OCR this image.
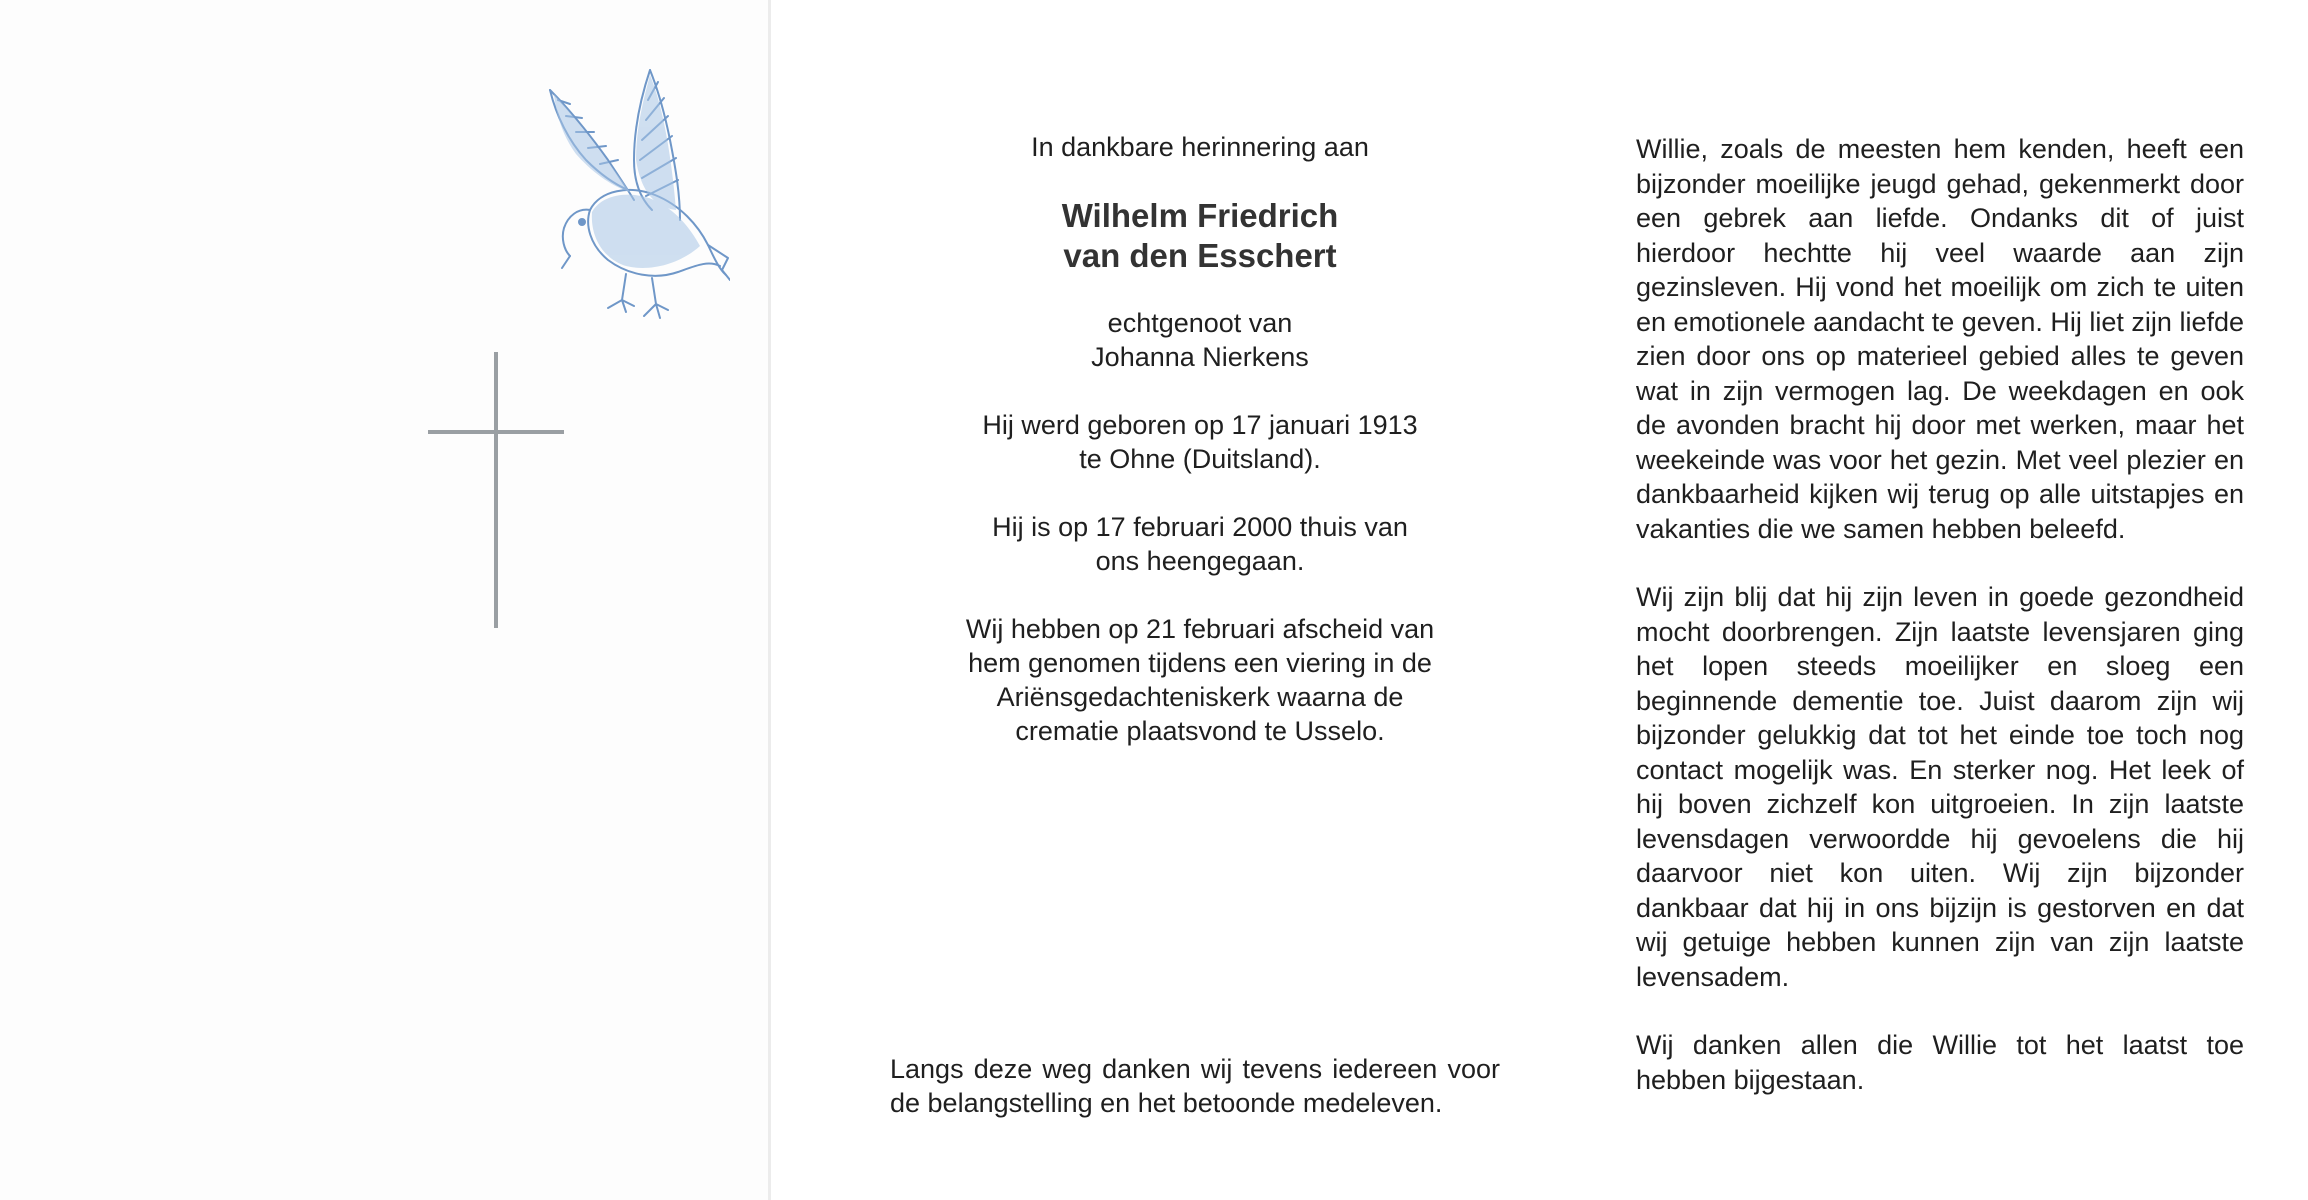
In dankbare herinnering aan

Wilhelm Friedrich
van den Esschert

echtgenoot van
Johanna Nierkens

Hij werd geboren op 17 januari 1913
te Ohne (Duitsland).

Hij is op 17 februari 2000 thuis van
ons heengegaan.

Wij hebben op 21 februari afscheid van
hem genomen tijdens een viering in de
Ariënsgedachteniskerk waarna de
crematie plaatsvond te Usselo.

Langs deze weg danken wij tevens iedereen voor de belangstelling en het betoonde medeleven.

Willie, zoals de meesten hem kenden, heeft een bijzonder moeilijke jeugd gehad, gekenmerkt door een gebrek aan liefde. Ondanks dit of juist hierdoor hechtte hij veel waarde aan zijn gezinsleven. Hij vond het moeilijk om zich te uiten en emotionele aandacht te geven. Hij liet zijn liefde zien door ons op materieel gebied alles te geven wat in zijn vermogen lag. De weekdagen en ook de avonden bracht hij door met werken, maar het weekeinde was voor het gezin. Met veel plezier en dankbaarheid kijken wij terug op alle uitstapjes en vakanties die we samen hebben beleefd.

Wij zijn blij dat hij zijn leven in goede gezondheid mocht doorbrengen. Zijn laatste levensjaren ging het lopen steeds moeilijker en sloeg een beginnende dementie toe. Juist daarom zijn wij bijzonder gelukkig dat tot het einde toe toch nog contact mogelijk was. En sterker nog. Het leek of hij boven zichzelf kon uitgroeien. In zijn laatste levensdagen verwoordde hij gevoelens die hij daarvoor niet kon uiten. Wij zijn bijzonder dankbaar dat hij in ons bijzijn is gestorven en dat wij getuige hebben kunnen zijn van zijn laatste levensadem.

Wij danken allen die Willie tot het laatst toe hebben bijgestaan.
